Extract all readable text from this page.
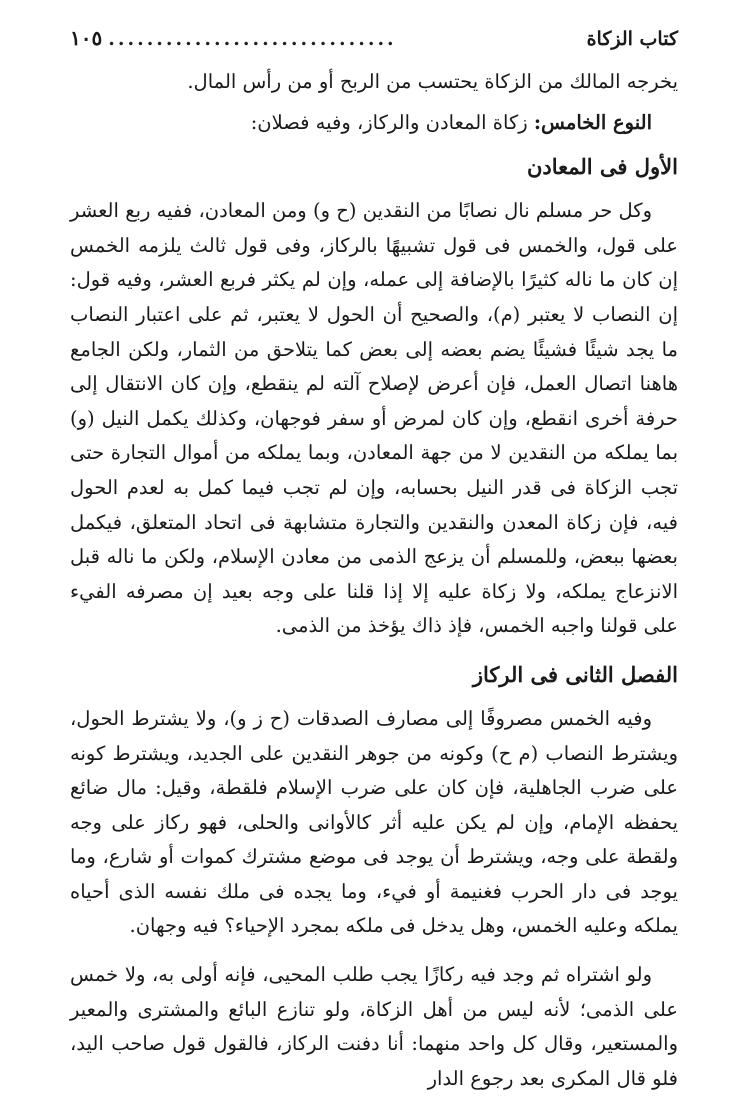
كتاب الزكاة
..............................
١٠٥

يخرجه المالك من الزكاة يحتسب من الربح أو من رأس المال.

النوع الخامس: زكاة المعادن والركاز، وفيه فصلان:

الأول فى المعادن

وكل حر مسلم نال نصابًا من النقدين (ح و) ومن المعادن، ففيه ربع العشر على قول، والخمس فى قول تشبيهًا بالركاز، وفى قول ثالث يلزمه الخمس إن كان ما ناله كثيرًا بالإضافة إلى عمله، وإن لم يكثر فربع العشر، وفيه قول: إن النصاب لا يعتبر (م)، والصحيح أن الحول لا يعتبر، ثم على اعتبار النصاب ما يجد شيئًا فشيئًا يضم بعضه إلى بعض كما يتلاحق من الثمار، ولكن الجامع هاهنا اتصال العمل، فإن أعرض لإصلاح آلته لم ينقطع، وإن كان الانتقال إلى حرفة أخرى انقطع، وإن كان لمرض أو سفر فوجهان، وكذلك يكمل النيل (و) بما يملكه من النقدين لا من جهة المعادن، وبما يملكه من أموال التجارة حتى تجب الزكاة فى قدر النيل بحسابه، وإن لم تجب فيما كمل به لعدم الحول فيه، فإن زكاة المعدن والنقدين والتجارة متشابهة فى اتحاد المتعلق، فيكمل بعضها ببعض، وللمسلم أن يزعج الذمى من معادن الإسلام، ولكن ما ناله قبل الانزعاج يملكه، ولا زكاة عليه إلا إذا قلنا على وجه بعيد إن مصرفه الفيء على قولنا واجبه الخمس، فإذ ذاك يؤخذ من الذمى.

الفصل الثانى فى الركاز

وفيه الخمس مصروفًا إلى مصارف الصدقات (ح ز و)، ولا يشترط الحول، ويشترط النصاب (م ح) وكونه من جوهر النقدين على الجديد، ويشترط كونه على ضرب الجاهلية، فإن كان على ضرب الإسلام فلقطة، وقيل: مال ضائع يحفظه الإمام، وإن لم يكن عليه أثر كالأوانى والحلى، فهو ركاز على وجه ولقطة على وجه، ويشترط أن يوجد فى موضع مشترك كموات أو شارع، وما يوجد فى دار الحرب فغنيمة أو فيء، وما يجده فى ملك نفسه الذى أحياه يملكه وعليه الخمس، وهل يدخل فى ملكه بمجرد الإحياء؟ فيه وجهان.

ولو اشتراه ثم وجد فيه ركازًا يجب طلب المحيى، فإنه أولى به، ولا خمس على الذمى؛ لأنه ليس من أهل الزكاة، ولو تنازع البائع والمشترى والمعير والمستعير، وقال كل واحد منهما: أنا دفنت الركاز، فالقول قول صاحب اليد، فلو قال المكرى بعد رجوع الدار
